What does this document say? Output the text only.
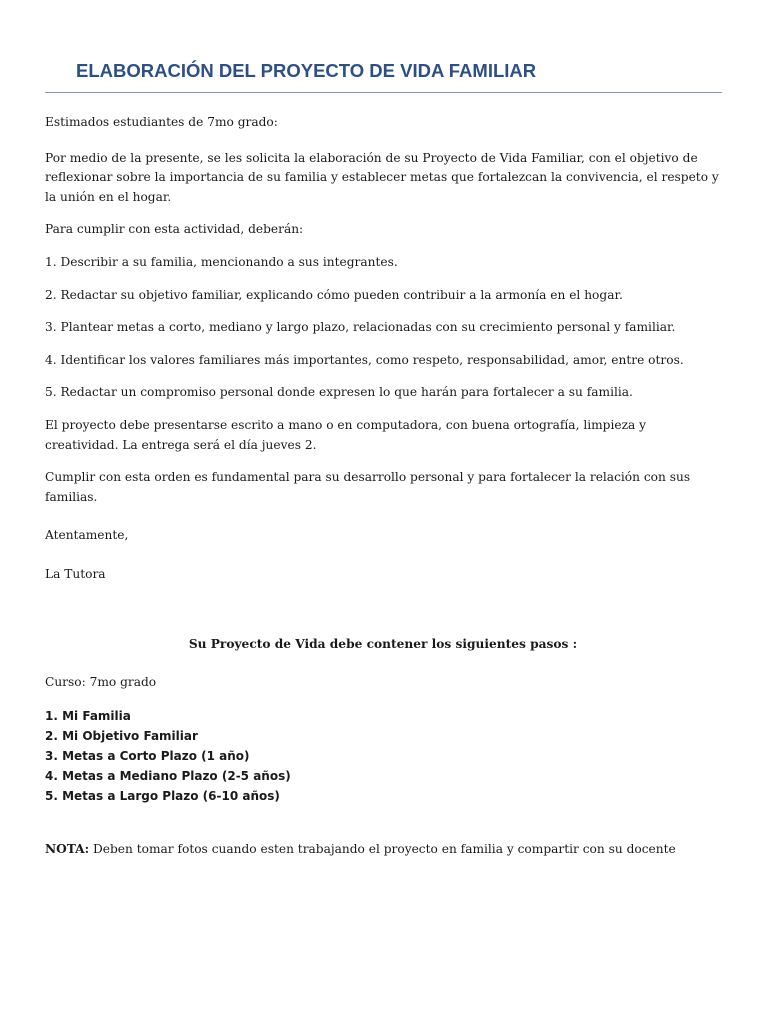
ELABORACIÓN DEL PROYECTO DE VIDA FAMILIAR

Estimados estudiantes de 7mo grado:

Por medio de la presente, se les solicita la elaboración de su Proyecto de Vida Familiar, con el objetivo de reflexionar sobre la importancia de su familia y establecer metas que fortalezcan la convivencia, el respeto y la unión en el hogar.

Para cumplir con esta actividad, deberán:

1. Describir a su familia, mencionando a sus integrantes.

2. Redactar su objetivo familiar, explicando cómo pueden contribuir a la armonía en el hogar.

3. Plantear metas a corto, mediano y largo plazo, relacionadas con su crecimiento personal y familiar.

4. Identificar los valores familiares más importantes, como respeto, responsabilidad, amor, entre otros.

5. Redactar un compromiso personal donde expresen lo que harán para fortalecer a su familia.

El proyecto debe presentarse escrito a mano o en computadora, con buena ortografía, limpieza y creatividad. La entrega será el día jueves 2.

Cumplir con esta orden es fundamental para su desarrollo personal y para fortalecer la relación con sus familias.

Atentamente,

La Tutora

Su Proyecto de Vida debe contener los siguientes pasos :

Curso: 7mo grado

1. Mi Familia
2. Mi Objetivo Familiar
3. Metas a Corto Plazo (1 año)
4. Metas a Mediano Plazo (2-5 años)
5. Metas a Largo Plazo (6-10 años)

NOTA: Deben tomar fotos cuando esten trabajando el proyecto en familia y compartir con su docente
